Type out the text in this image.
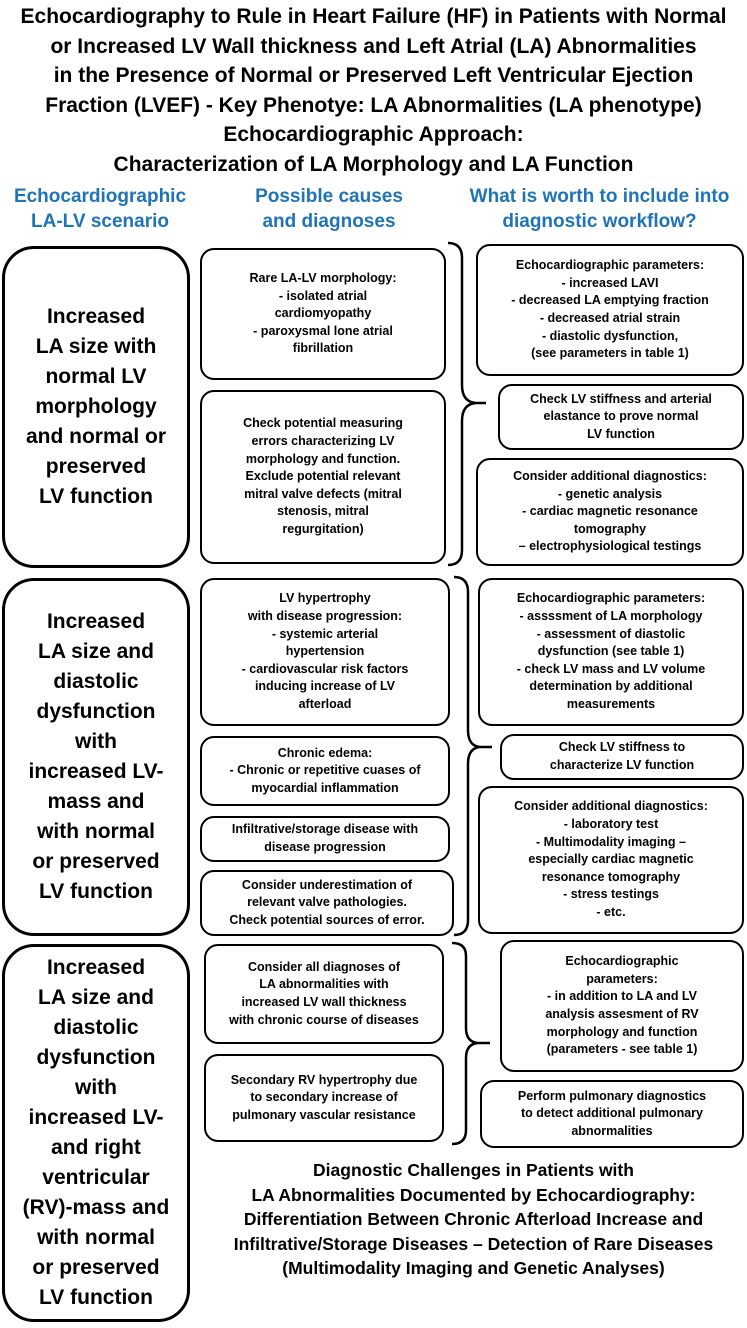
Echocardiography to Rule in Heart Failure (HF) in Patients with Normal
or Increased LV Wall thickness and Left Atrial (LA) Abnormalities
in the Presence of Normal or Preserved Left Ventricular Ejection
Fraction (LVEF) - Key Phenotye: LA Abnormalities (LA phenotype)
Echocardiographic Approach:
Characterization of LA Morphology and LA Function
Echocardiographic
LA-LV scenario
Possible causes
and diagnoses
What is worth to include into
diagnostic workflow?
Increased
LA size with
normal LV
morphology
and normal or
preserved
LV function
Rare LA-LV morphology:
- isolated atrial
cardiomyopathy
- paroxysmal lone atrial
fibrillation
Check potential measuring
errors characterizing LV
morphology and function.
Exclude potential relevant
mitral valve defects (mitral
stenosis, mitral
regurgitation)
Echocardiographic parameters:
- increased LAVI
- decreased LA emptying fraction
- decreased atrial strain
- diastolic dysfunction,
(see parameters in table 1)
Check LV stiffness and arterial
elastance to prove normal
LV function
Consider additional diagnostics:
- genetic analysis
- cardiac magnetic resonance
tomography
– electrophysiological testings
Increased
LA size and
diastolic
dysfunction
with
increased LV-
mass and
with normal
or preserved
LV function
LV hypertrophy
with disease progression:
- systemic arterial
hypertension
- cardiovascular risk factors
inducing increase of LV
afterload
Chronic edema:
- Chronic or repetitive cuases of
myocardial inflammation
Infiltrative/storage disease with
disease progression
Consider underestimation of
relevant valve pathologies.
Check potential sources of error.
Echocardiographic parameters:
- assssment of LA morphology
- assessment of diastolic
dysfunction (see table 1)
- check LV mass and LV volume
determination by additional
measurements
Check LV stiffness to
characterize LV function
Consider additional diagnostics:
- laboratory test
- Multimodality imaging –
especially cardiac magnetic
resonance tomography
- stress testings
- etc.
Increased
LA size and
diastolic
dysfunction
with
increased LV-
and right
ventricular
(RV)-mass and
with normal
or preserved
LV function
Consider all diagnoses of
LA abnormalities with
increased LV wall thickness
with chronic course of diseases
Secondary RV hypertrophy due
to secondary increase of
pulmonary vascular resistance
Echocardiographic
parameters:
- in addition to LA and LV
analysis assesment of RV
morphology and function
(parameters - see table 1)
Perform pulmonary diagnostics
to detect additional pulmonary
abnormalities
Diagnostic Challenges in Patients with
LA Abnormalities Documented by Echocardiography:
Differentiation Between Chronic Afterload Increase and
Infiltrative/Storage Diseases – Detection of Rare Diseases
(Multimodality Imaging and Genetic Analyses)
